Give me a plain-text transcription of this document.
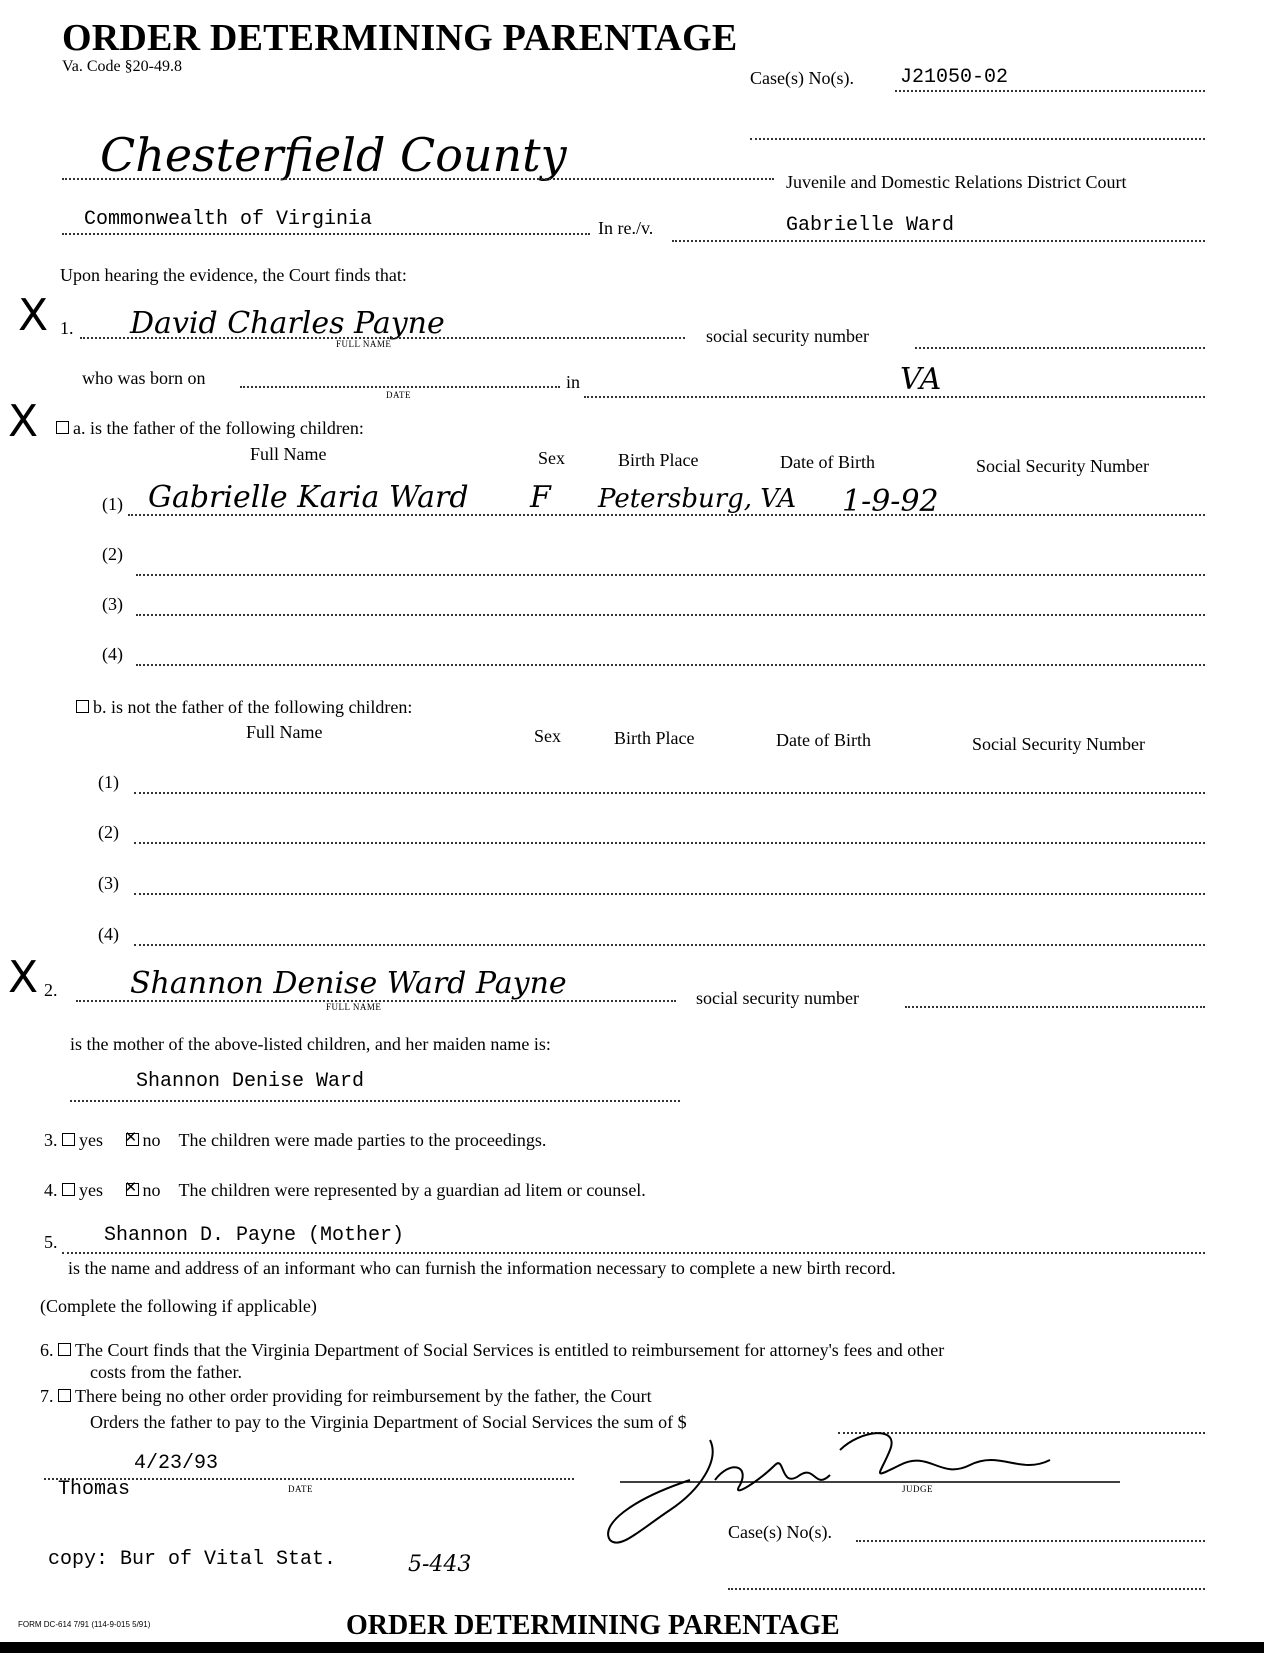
ORDER DETERMINING PARENTAGE
Va. Code §20-49.8
Case(s) No(s). J21050-02
Chesterfield County	Juvenile and Domestic Relations District Court
Commonwealth of Virginia	In re./v.	Gabrielle Ward
Upon hearing the evidence, the Court finds that:
X 1. David Charles Payne
FULL NAME	social security number
who was born on
DATE
in	VA
X	a. is the father of the following children:
Full Name	Sex	Birth Place	Date of Birth	Social Security Number
(1) Gabrielle Karia Ward F Petersburg, VA 1-9-92
(2)
(3)
(4)
b. is not the father of the following children:
Full Name	Sex	Birth Place	Date of Birth	Social Security Number
(1)
(2)
(3)
(4)
X 2. Shannon Denise Ward Payne
FULL NAME	social security number
is the mother of the above-listed children, and her maiden name is:
Shannon Denise Ward
3. yes ✕ no The children were made parties to the proceedings.
4. yes ✕ no The children were represented by a guardian ad litem or counsel.
5. Shannon D. Payne (Mother)
is the name and address of an informant who can furnish the information necessary to complete a new birth record.
(Complete the following if applicable)
6. The Court finds that the Virginia Department of Social Services is entitled to reimbursement for attorney's fees and other
costs from the father.
7. There being no other order providing for reimbursement by the father, the Court
Orders the father to pay to the Virginia Department of Social Services the sum of $
4/23/93
Thomas	DATE	JUDGE
Case(s) No(s).
copy: Bur of Vital Stat.	5-443
FORM DC-614 7/91 (114-9-015 5/91)	ORDER DETERMINING PARENTAGE
